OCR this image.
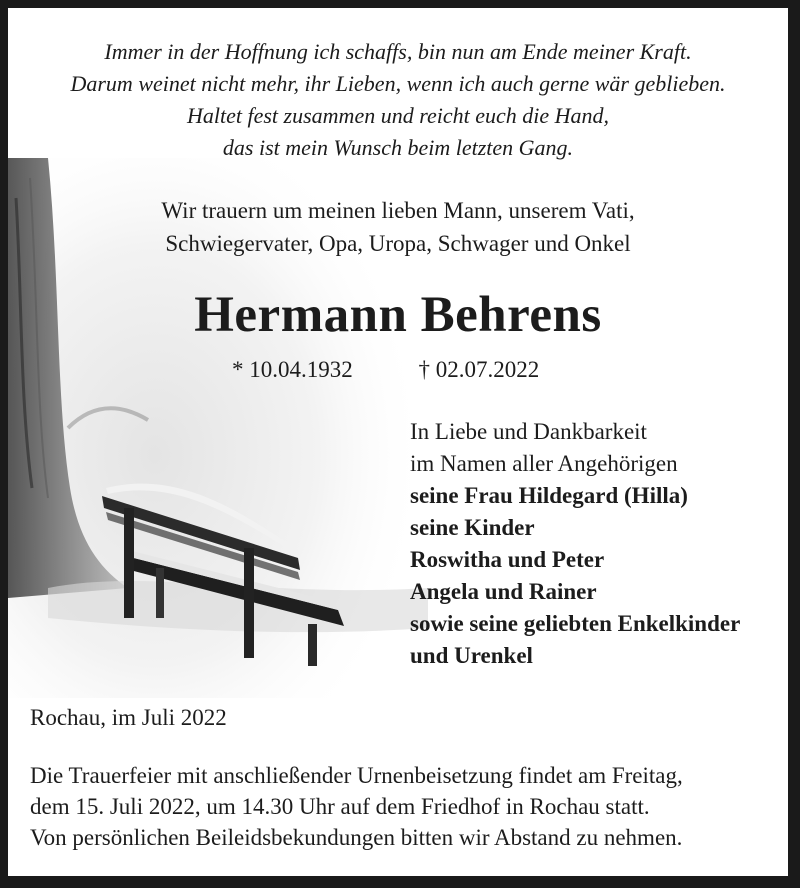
Immer in der Hoffnung ich schaffs, bin nun am Ende meiner Kraft.
Darum weinet nicht mehr, ihr Lieben, wenn ich auch gerne wär geblieben.
Haltet fest zusammen und reicht euch die Hand,
das ist mein Wunsch beim letzten Gang.
Wir trauern um meinen lieben Mann, unserem Vati,
Schwiegervater, Opa, Uropa, Schwager und Onkel
Hermann Behrens
* 10.04.1932	† 02.07.2022
In Liebe und Dankbarkeit
im Namen aller Angehörigen
seine Frau Hildegard (Hilla)
seine Kinder
Roswitha und Peter
Angela und Rainer
sowie seine geliebten Enkelkinder
und Urenkel
Rochau, im Juli 2022
Die Trauerfeier mit anschließender Urnenbeisetzung findet am Freitag,
dem 15. Juli 2022, um 14.30 Uhr auf dem Friedhof in Rochau statt.
Von persönlichen Beileidsbekundungen bitten wir Abstand zu nehmen.
